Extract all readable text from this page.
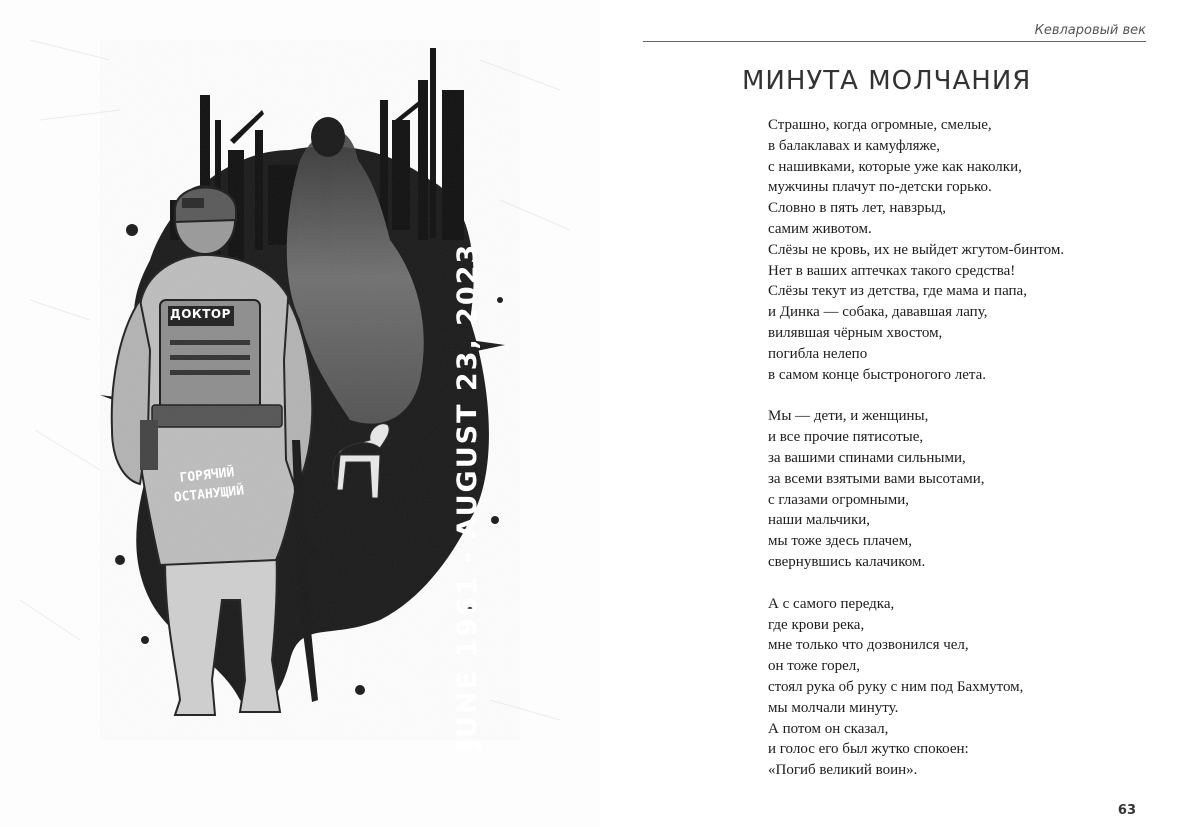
JUNE 1961 - AUGUST 23, 2023
ДОКТОР
ГОРЯЧИЙ
ОСТАНУЩИЙ
Кевларовый век
МИНУТА МОЛЧАНИЯ
Страшно, когда огромные, смелые,
в балаклавах и камуфляже,
с нашивками, которые уже как наколки,
мужчины плачут по-детски горько.
Словно в пять лет, навзрыд,
самим животом.
Слёзы не кровь, их не выйдет жгутом-бинтом.
Нет в ваших аптечках такого средства!
Слёзы текут из детства, где мама и папа,
и Динка — собака, дававшая лапу,
вилявшая чёрным хвостом,
погибла нелепо
в самом конце быстроногого лета.
Мы — дети, и женщины,
и все прочие пятисотые,
за вашими спинами сильными,
за всеми взятыми вами высотами,
с глазами огромными,
наши мальчики,
мы тоже здесь плачем,
свернувшись калачиком.
А с самого передка,
где крови река,
мне только что дозвонился чел,
он тоже горел,
стоял рука об руку с ним под Бахмутом,
мы молчали минуту.
А потом он сказал,
и голос его был жутко спокоен:
«Погиб великий воин».
63
